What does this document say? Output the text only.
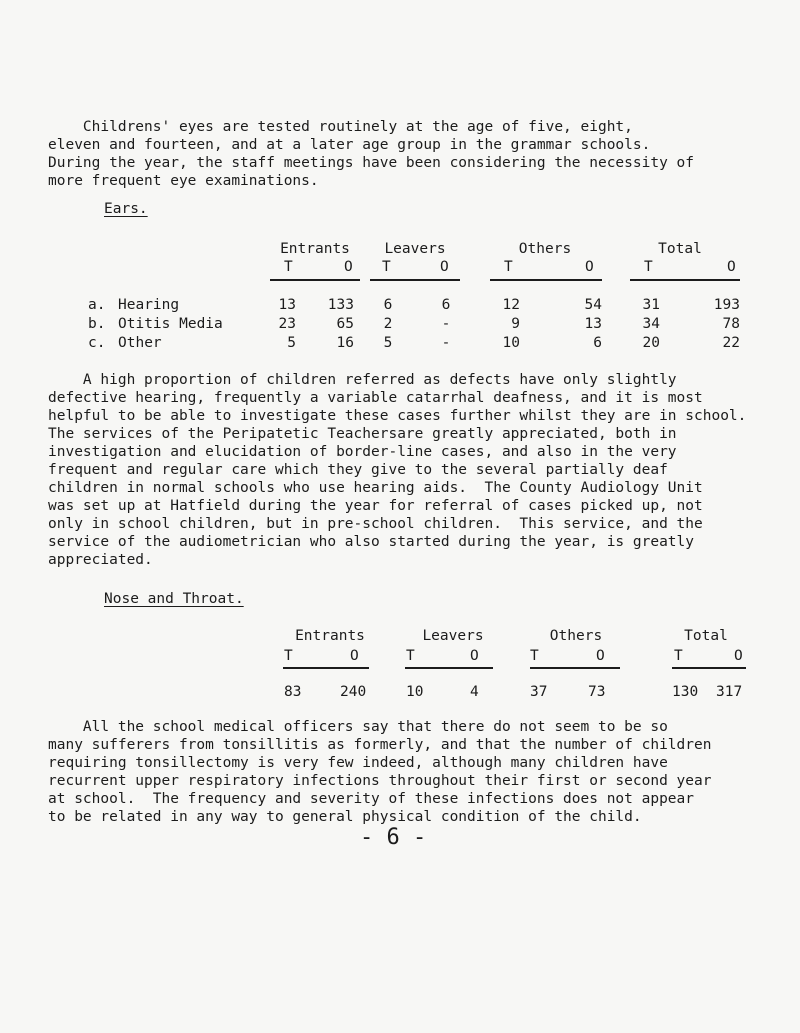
Childrens' eyes are tested routinely at the age of five, eight,
eleven and fourteen, and at a later age group in the grammar schools.
During the year, the staff meetings have been considering the necessity of
more frequent eye examinations.
Ears.
Entrants	Leavers	Others	Total
T	O T	O	T	O	T	O
a. Hearing	13	133	6	6	12	54	31	193
b. Otitis Media	23	65	2	-	9	13	34	78
c. Other	5	16	5	-	10	6	20	22
A high proportion of children referred as defects have only slightly
defective hearing, frequently a variable catarrhal deafness, and it is most
helpful to be able to investigate these cases further whilst they are in school.
The services of the Peripatetic Teachersare greatly appreciated, both in
investigation and elucidation of border-line cases, and also in the very
frequent and regular care which they give to the several partially deaf
children in normal schools who use hearing aids.  The County Audiology Unit
was set up at Hatfield during the year for referral of cases picked up, not
only in school children, but in pre-school children.  This service, and the
service of the audiometrician who also started during the year, is greatly
appreciated.
Nose and Throat.
Entrants	Leavers	Others	Total
T	O	T	O	T	O	T	O
83	240	10	4	37	73	130 317
All the school medical officers say that there do not seem to be so
many sufferers from tonsillitis as formerly, and that the number of children
requiring tonsillectomy is very few indeed, although many children have
recurrent upper respiratory infections throughout their first or second year
at school.  The frequency and severity of these infections does not appear
to be related in any way to general physical condition of the child.
- 6 -
